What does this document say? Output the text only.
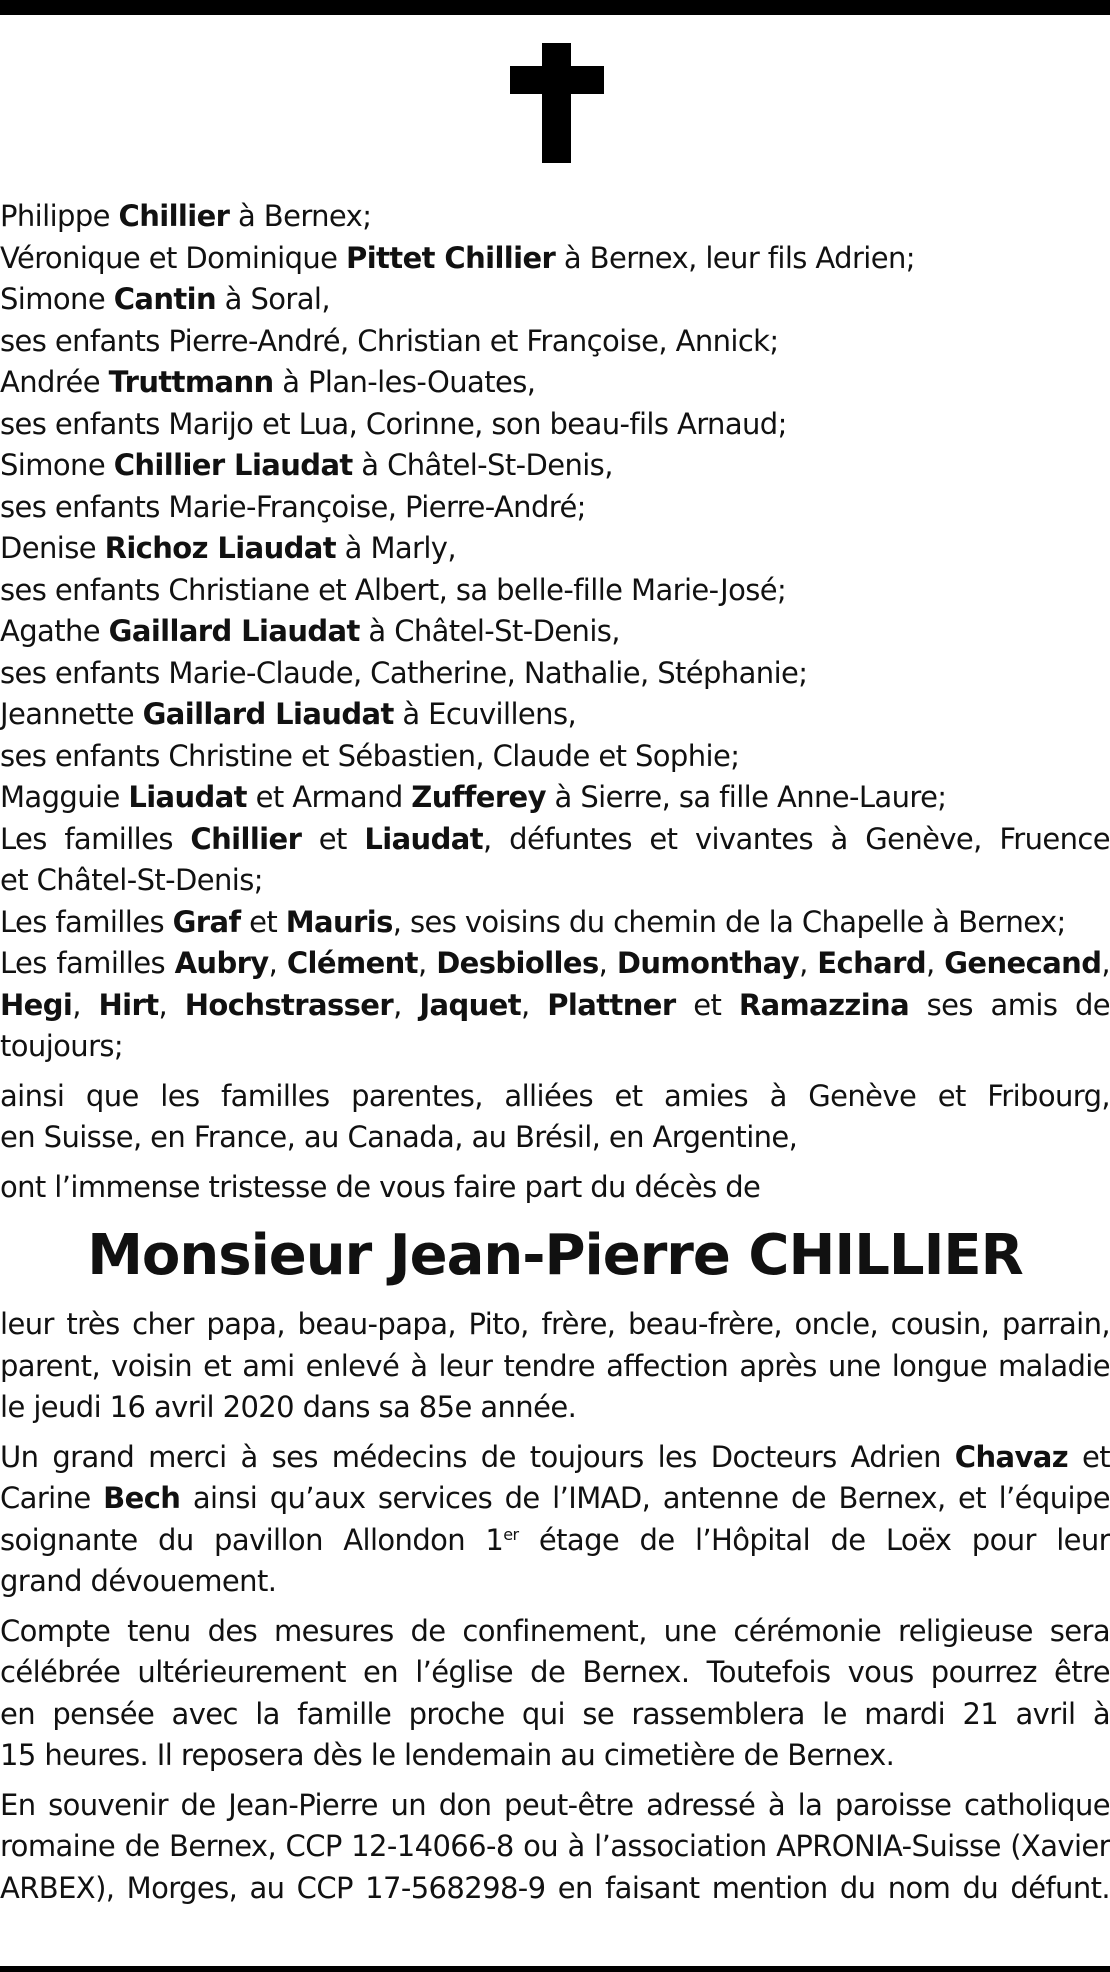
Philippe Chillier à Bernex;
Véronique et Dominique Pittet Chillier à Bernex, leur fils Adrien;
Simone Cantin à Soral,
ses enfants Pierre-André, Christian et Françoise, Annick;
Andrée Truttmann à Plan-les-Ouates,
ses enfants Marijo et Lua, Corinne, son beau-fils Arnaud;
Simone Chillier Liaudat à Châtel-St-Denis,
ses enfants Marie-Françoise, Pierre-André;
Denise Richoz Liaudat à Marly,
ses enfants Christiane et Albert, sa belle-fille Marie-José;
Agathe Gaillard Liaudat à Châtel-St-Denis,
ses enfants Marie-Claude, Catherine, Nathalie, Stéphanie;
Jeannette Gaillard Liaudat à Ecuvillens,
ses enfants Christine et Sébastien, Claude et Sophie;
Magguie Liaudat et Armand Zufferey à Sierre, sa fille Anne-Laure;
Les familles Chillier et Liaudat, défuntes et vivantes à Genève, Fruence
et Châtel-St-Denis;
Les familles Graf et Mauris, ses voisins du chemin de la Chapelle à Bernex;
Les familles Aubry, Clément, Desbiolles, Dumonthay, Echard, Genecand,
Hegi, Hirt, Hochstrasser, Jaquet, Plattner et Ramazzina ses amis de
toujours;
ainsi que les familles parentes, alliées et amies à Genève et Fribourg,
en Suisse, en France, au Canada, au Brésil, en Argentine,
ont l’immense tristesse de vous faire part du décès de
Monsieur Jean-Pierre CHILLIER
leur très cher papa, beau-papa, Pito, frère, beau-frère, oncle, cousin, parrain,
parent, voisin et ami enlevé à leur tendre affection après une longue maladie
le jeudi 16 avril 2020 dans sa 85e année.
Un grand merci à ses médecins de toujours les Docteurs Adrien Chavaz et
Carine Bech ainsi qu’aux services de l’IMAD, antenne de Bernex, et l’équipe
soignante du pavillon Allondon 1er étage de l’Hôpital de Loëx pour leur
grand dévouement.
Compte tenu des mesures de confinement, une cérémonie religieuse sera
célébrée ultérieurement en l’église de Bernex. Toutefois vous pourrez être
en pensée avec la famille proche qui se rassemblera le mardi 21 avril à
15 heures. Il reposera dès le lendemain au cimetière de Bernex.
En souvenir de Jean-Pierre un don peut-être adressé à la paroisse catholique
romaine de Bernex, CCP 12-14066-8 ou à l’association APRONIA-Suisse (Xavier
ARBEX), Morges, au CCP 17-568298-9 en faisant mention du nom du défunt.
